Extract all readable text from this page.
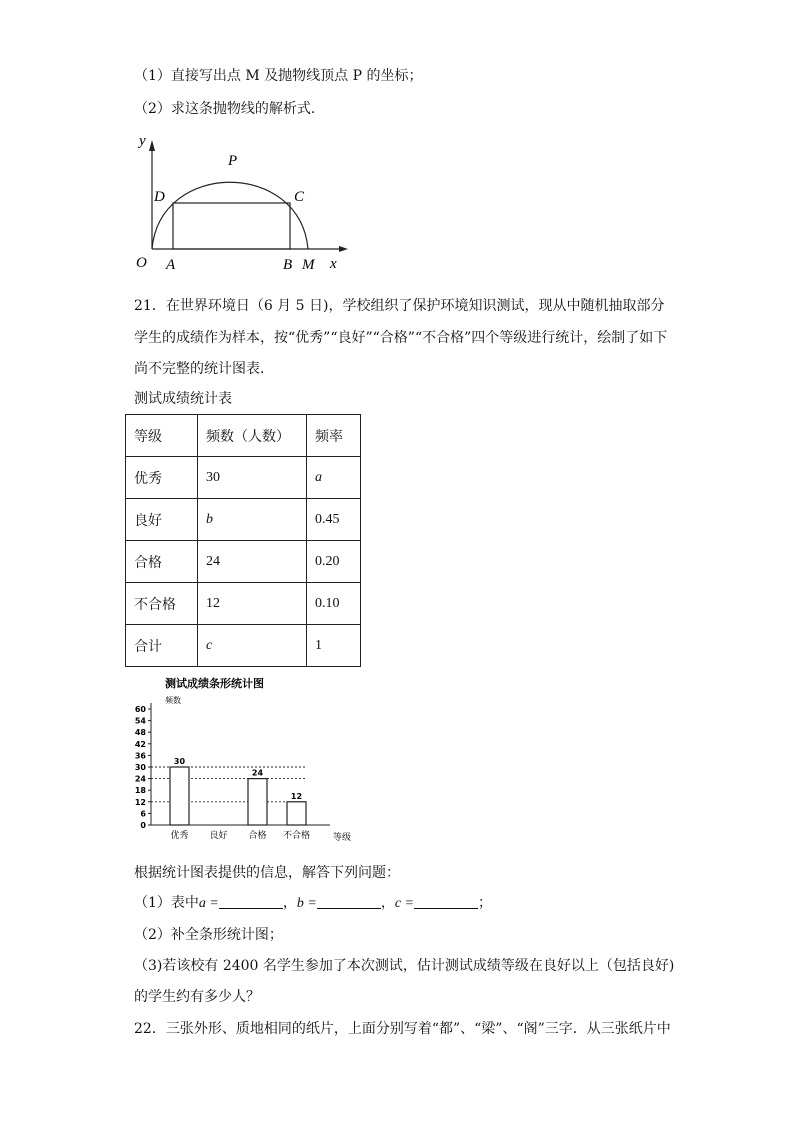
（1）直接写出点 M 及抛物线顶点 P 的坐标；
（2）求这条抛物线的解析式．
y
x
O A	B M
C
D
P
21．在世界环境日（6 月 5 日)，学校组织了保护环境知识测试，现从中随机抽取部分
学生的成绩作为样本，按“优秀”“良好”“合格”“不合格”四个等级进行统计，绘制了如下
尚不完整的统计图表．
测试成绩统计表
等级	频数（人数）	频率
优秀	30	a
良好	b	0.45
合格	24	0.20
不合格	12	0.10
合计	c	1
测试成绩条形统计图
频数
等级
0
6
12
18
24
30
36
42
48
54
60
优秀
30
良好 合格
24
不合格
12
根据统计图表提供的信息，解答下列问题：
（1）表中a =	，b =	，c =	；
（2）补全条形统计图；
（3)若该校有 2400 名学生参加了本次测试，估计测试成绩等级在良好以上（包括良好)
的学生约有多少人？
22．三张外形、质地相同的纸片，上面分别写着“都”、“梁”、“阁”三字．从三张纸片中
